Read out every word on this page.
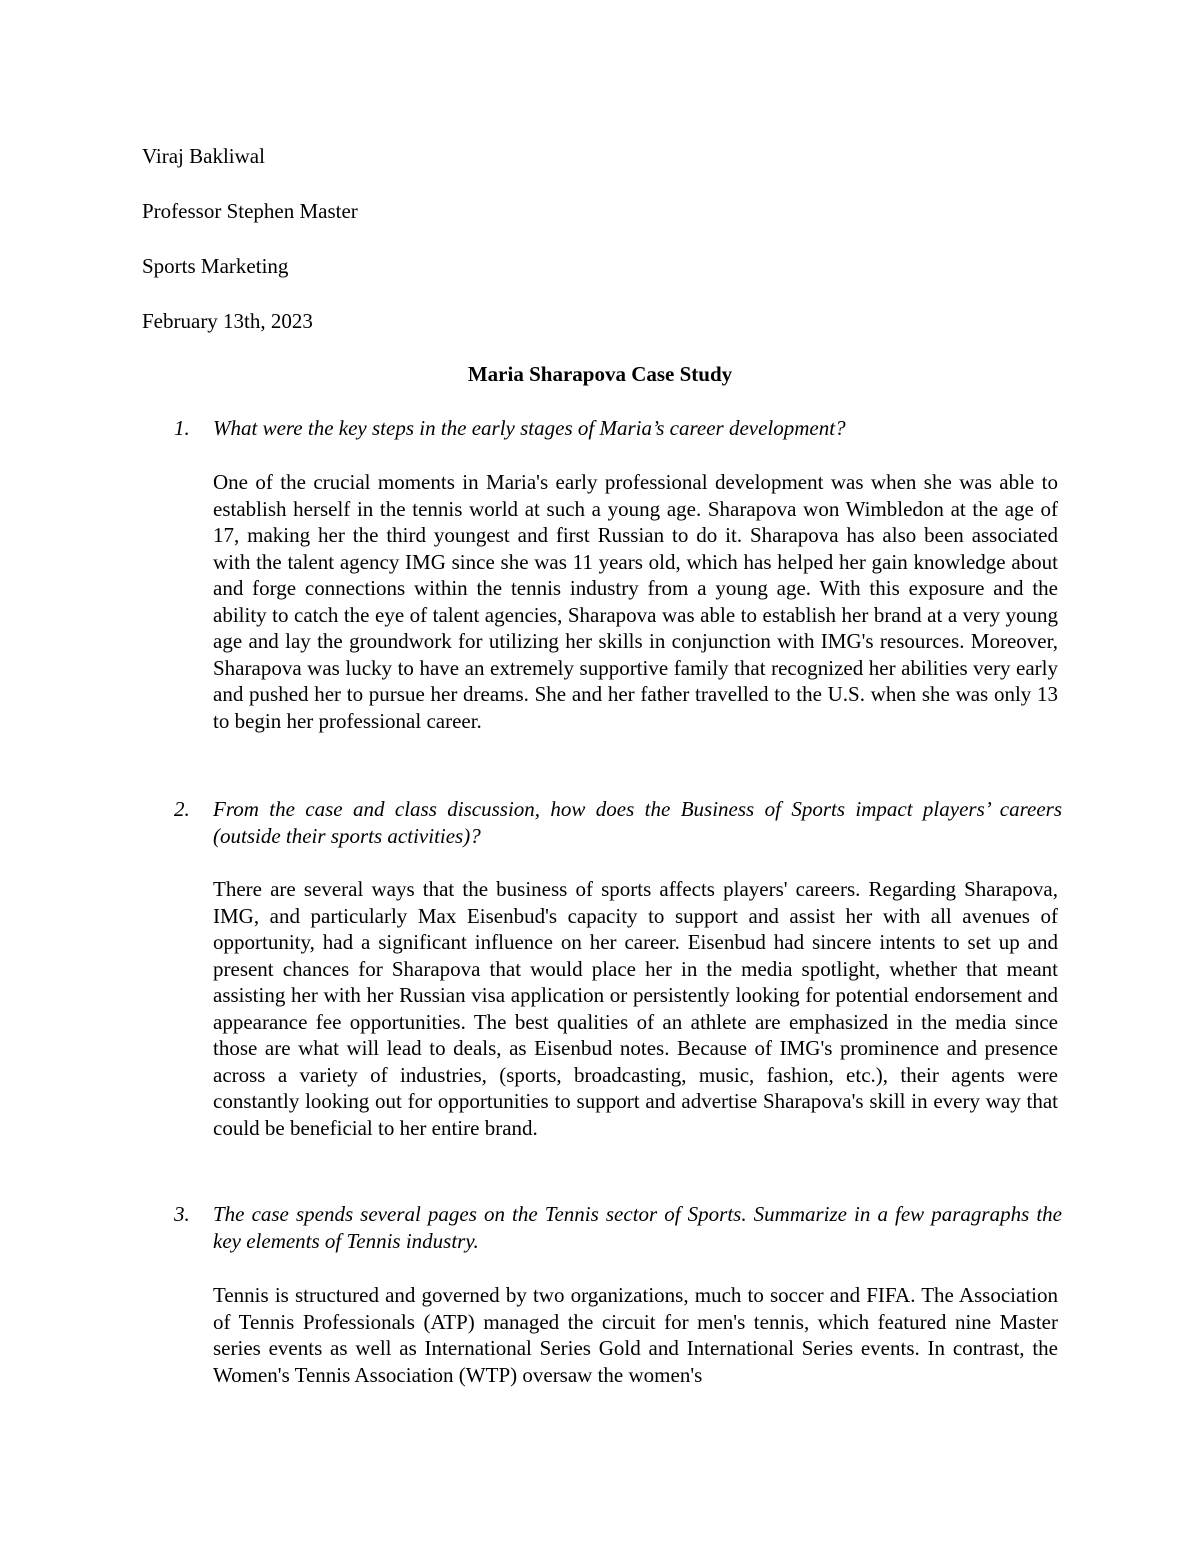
Viraj Bakliwal
Professor Stephen Master
Sports Marketing
February 13th, 2023
Maria Sharapova Case Study
1.	What were the key steps in the early stages of Maria’s career development?
One of the crucial moments in Maria's early professional development was when she was able to establish herself in the tennis world at such a young age. Sharapova won Wimbledon at the age of 17, making her the third youngest and first Russian to do it. Sharapova has also been associated with the talent agency IMG since she was 11 years old, which has helped her gain knowledge about and forge connections within the tennis industry from a young age. With this exposure and the ability to catch the eye of talent agencies, Sharapova was able to establish her brand at a very young age and lay the groundwork for utilizing her skills in conjunction with IMG's resources. Moreover, Sharapova was lucky to have an extremely supportive family that recognized her abilities very early and pushed her to pursue her dreams. She and her father travelled to the U.S. when she was only 13 to begin her professional career.
2.	From the case and class discussion, how does the Business of Sports impact players’ careers (outside their sports activities)?
There are several ways that the business of sports affects players' careers. Regarding Sharapova, IMG, and particularly Max Eisenbud's capacity to support and assist her with all avenues of opportunity, had a significant influence on her career. Eisenbud had sincere intents to set up and present chances for Sharapova that would place her in the media spotlight, whether that meant assisting her with her Russian visa application or persistently looking for potential endorsement and appearance fee opportunities. The best qualities of an athlete are emphasized in the media since those are what will lead to deals, as Eisenbud notes. Because of IMG's prominence and presence across a variety of industries, (sports, broadcasting, music, fashion, etc.), their agents were constantly looking out for opportunities to support and advertise Sharapova's skill in every way that could be beneficial to her entire brand.
3.	The case spends several pages on the Tennis sector of Sports. Summarize in a few paragraphs the key elements of Tennis industry.
Tennis is structured and governed by two organizations, much to soccer and FIFA. The Association of Tennis Professionals (ATP) managed the circuit for men's tennis, which featured nine Master series events as well as International Series Gold and International Series events. In contrast, the Women's Tennis Association (WTP) oversaw the women's
